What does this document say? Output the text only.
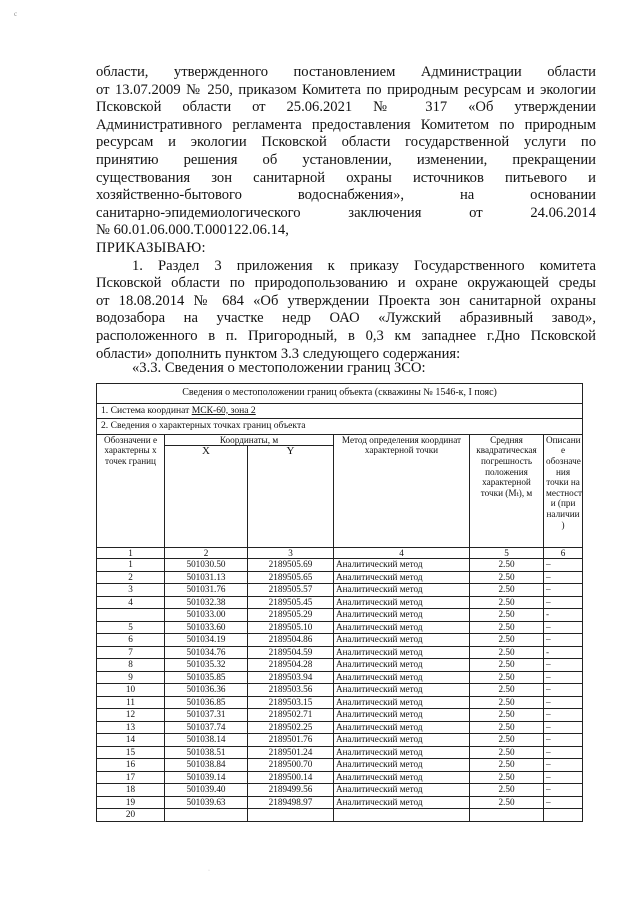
с

области, утвержденного постановлением Администрации области

от 13.07.2009 № 250, приказом Комитета по природным ресурсам и экологии

Псковской области от 25.06.2021 № 317 «Об утверждении

Административного регламента предоставления Комитетом по природным

ресурсам и экологии Псковской области государственной услуги по

принятию решения об установлении, изменении, прекращении

существования зон санитарной охраны источников питьевого и

хозяйственно-бытового водоснабжения», на основании

санитарно-эпидемиологического заключения от 24.06.2014

№ 60.01.06.000.Т.000122.06.14,

ПРИКАЗЫВАЮ:

1. Раздел 3 приложения к приказу Государственного комитета

Псковской области по природопользованию и охране окружающей среды

от 18.08.2014 № 684 «Об утверждении Проекта зон санитарной охраны

водозабора на участке недр ОАО «Лужский абразивный завод»,

расположенного в п. Пригородный, в 0,3 км западнее г.Дно Псковской

области» дополнить пунктом 3.3 следующего содержания:

«3.3. Сведения о местоположении границ ЗСО:
Сведения о местоположении границ объекта (скважины № 1546-к, I пояс)					
1. Система координат МСК-60, зона 2					
2. Сведения о характерных точках границ объекта					
Обозначени е характерны х точек границ	Координаты, м		Метод определения координат характерной точки	Средняя квадратическая погрешность положения характерной точки (Мₜ), м	Описани е обозначе ния точки на местност и (при наличии )
	X	Y			
1	2	3	4	5	6
1	501030.50	2189505.69	Аналитический метод	2.50	–
2	501031.13	2189505.65	Аналитический метод	2.50	–
3	501031.76	2189505.57	Аналитический метод	2.50	–
4	501032.38	2189505.45	Аналитический метод	2.50	–
	501033.00	2189505.29	Аналитический метод	2.50	-
5	501033.60	2189505.10	Аналитический метод	2.50	–
6	501034.19	2189504.86	Аналитический метод	2.50	–
7	501034.76	2189504.59	Аналитический метод	2.50	-
8	501035.32	2189504.28	Аналитический метод	2.50	–
9	501035.85	2189503.94	Аналитический метод	2.50	–
10	501036.36	2189503.56	Аналитический метод	2.50	–
11	501036.85	2189503.15	Аналитический метод	2.50	–
12	501037.31	2189502.71	Аналитический метод	2.50	–
13	501037.74	2189502.25	Аналитический метод	2.50	–
14	501038.14	2189501.76	Аналитический метод	2.50	–
15	501038.51	2189501.24	Аналитический метод	2.50	–
16	501038.84	2189500.70	Аналитический метод	2.50	–
17	501039.14	2189500.14	Аналитический метод	2.50	–
18	501039.40	2189499.56	Аналитический метод	2.50	–
19	501039.63	2189498.97	Аналитический метод	2.50	–
20					
·
